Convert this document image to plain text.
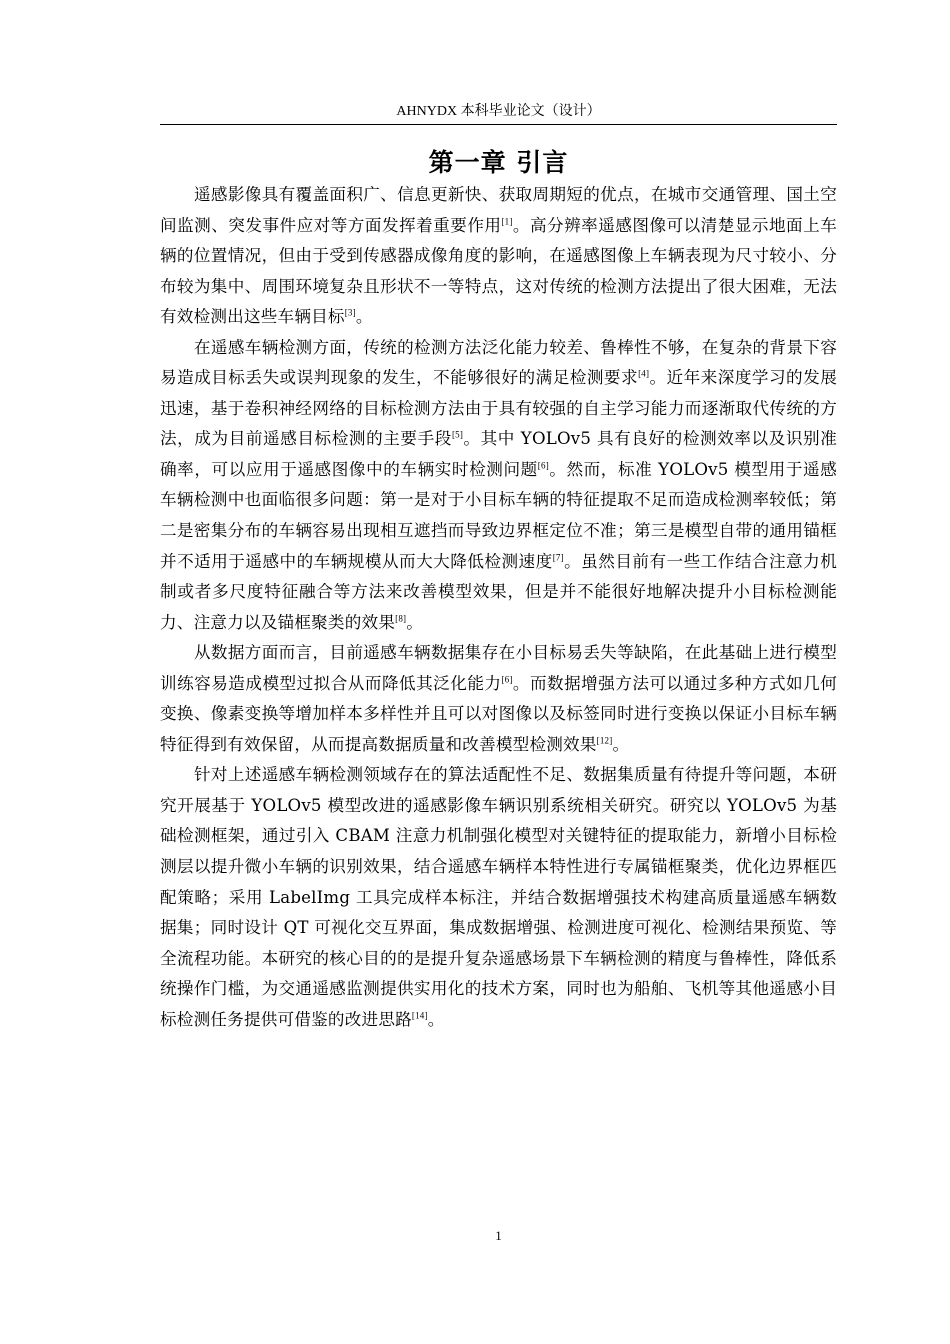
AHNYDX 本科毕业论文（设计）
第一章 引言

遥感影像具有覆盖面积广、信息更新快、获取周期短的优点，在城市交通管理、国土空间监测、突发事件应对等方面发挥着重要作用[1]。高分辨率遥感图像可以清楚显示地面上车辆的位置情况，但由于受到传感器成像角度的影响，在遥感图像上车辆表现为尺寸较小、分布较为集中、周围环境复杂且形状不一等特点，这对传统的检测方法提出了很大困难，无法有效检测出这些车辆目标[3]。

在遥感车辆检测方面，传统的检测方法泛化能力较差、鲁棒性不够，在复杂的背景下容易造成目标丢失或误判现象的发生，不能够很好的满足检测要求[4]。近年来深度学习的发展迅速，基于卷积神经网络的目标检测方法由于具有较强的自主学习能力而逐渐取代传统的方法，成为目前遥感目标检测的主要手段[5]。其中 YOLOv5 具有良好的检测效率以及识别准确率，可以应用于遥感图像中的车辆实时检测问题[6]。然而，标准 YOLOv5 模型用于遥感车辆检测中也面临很多问题：第一是对于小目标车辆的特征提取不足而造成检测率较低；第二是密集分布的车辆容易出现相互遮挡而导致边界框定位不准；第三是模型自带的通用锚框并不适用于遥感中的车辆规模从而大大降低检测速度[7]。虽然目前有一些工作结合注意力机制或者多尺度特征融合等方法来改善模型效果，但是并不能很好地解决提升小目标检测能力、注意力以及锚框聚类的效果[8]。

从数据方面而言，目前遥感车辆数据集存在小目标易丢失等缺陷，在此基础上进行模型训练容易造成模型过拟合从而降低其泛化能力[6]。而数据增强方法可以通过多种方式如几何变换、像素变换等增加样本多样性并且可以对图像以及标签同时进行变换以保证小目标车辆特征得到有效保留，从而提高数据质量和改善模型检测效果[12]。

针对上述遥感车辆检测领域存在的算法适配性不足、数据集质量有待提升等问题，本研究开展基于 YOLOv5 模型改进的遥感影像车辆识别系统相关研究。研究以 YOLOv5 为基础检测框架，通过引入 CBAM 注意力机制强化模型对关键特征的提取能力，新增小目标检测层以提升微小车辆的识别效果，结合遥感车辆样本特性进行专属锚框聚类，优化边界框匹配策略；采用 LabelImg 工具完成样本标注，并结合数据增强技术构建高质量遥感车辆数据集；同时设计 QT 可视化交互界面，集成数据增强、检测进度可视化、检测结果预览、等全流程功能。本研究的核心目的的是提升复杂遥感场景下车辆检测的精度与鲁棒性，降低系统操作门槛，为交通遥感监测提供实用化的技术方案，同时也为船舶、飞机等其他遥感小目标检测任务提供可借鉴的改进思路[14]。

1
